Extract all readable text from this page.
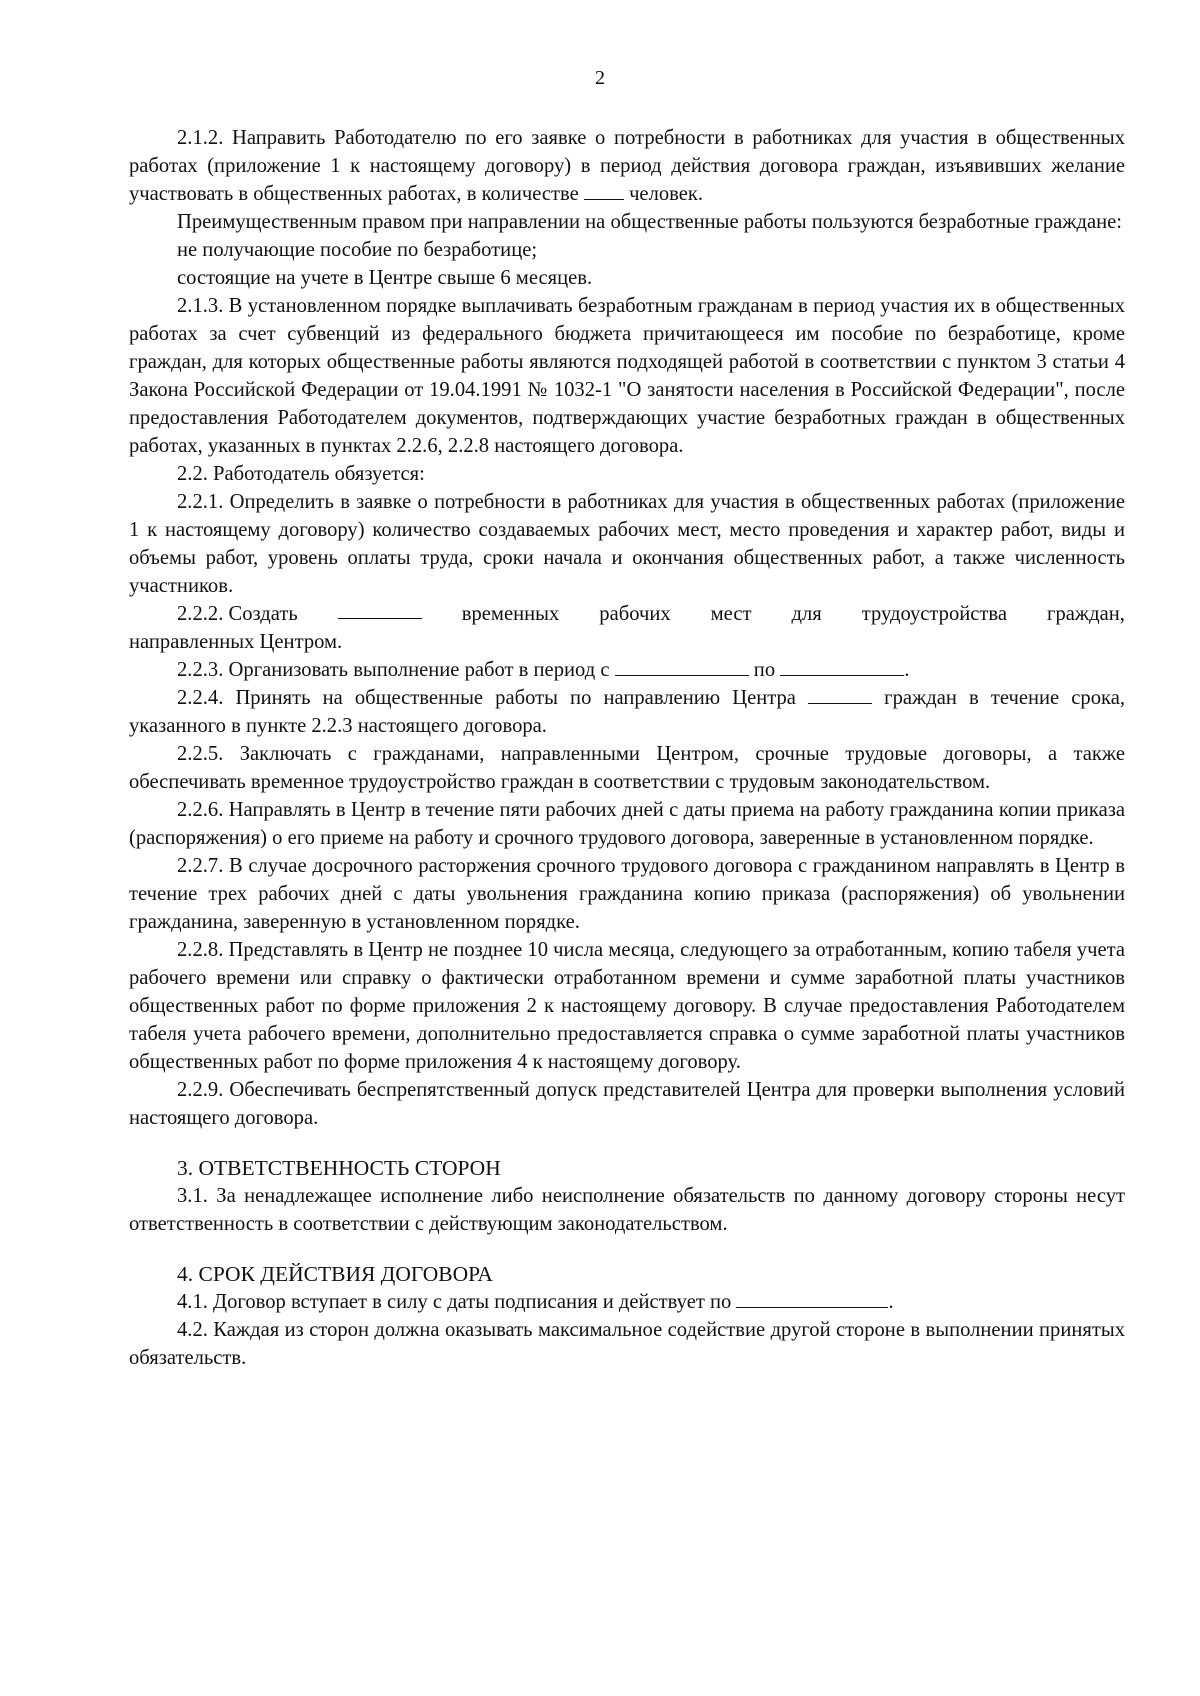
2

2.1.2. Направить Работодателю по его заявке о потребности в работниках для участия в общественных работах (приложение 1 к настоящему договору) в период действия договора граждан, изъявивших желание участвовать в общественных работах, в количестве человек.

Преимущественным правом при направлении на общественные работы пользуются безработные граждане:

не получающие пособие по безработице;

состоящие на учете в Центре свыше 6 месяцев.

2.1.3. В установленном порядке выплачивать безработным гражданам в период участия их в общественных работах за счет субвенций из федерального бюджета причитающееся им пособие по безработице, кроме граждан, для которых общественные работы являются подходящей работой в соответствии с пунктом 3 статьи 4 Закона Российской Федерации от 19.04.1991 № 1032-1 "О занятости населения в Российской Федерации", после предоставления Работодателем документов, подтверждающих участие безработных граждан в общественных работах, указанных в пунктах 2.2.6, 2.2.8 настоящего договора.

2.2. Работодатель обязуется:

2.2.1. Определить в заявке о потребности в работниках для участия в общественных работах (приложение 1 к настоящему договору) количество создаваемых рабочих мест, место проведения и характер работ, виды и объемы работ, уровень оплаты труда, сроки начала и окончания общественных работ, а также численность участников.

2.2.2. Создать	временных рабочих мест для трудоустройства граждан,

направленных Центром.

2.2.3. Организовать выполнение работ в период с	по	.

2.2.4. Принять на общественные работы по направлению Центра	граждан в течение срока, указанного в пункте 2.2.3 настоящего договора.

2.2.5. Заключать с гражданами, направленными Центром, срочные трудовые договоры, а также обеспечивать временное трудоустройство граждан в соответствии с трудовым законодательством.

2.2.6. Направлять в Центр в течение пяти рабочих дней с даты приема на работу гражданина копии приказа (распоряжения) о его приеме на работу и срочного трудового договора, заверенные в установленном порядке.

2.2.7. В случае досрочного расторжения срочного трудового договора с гражданином направлять в Центр в течение трех рабочих дней с даты увольнения гражданина копию приказа (распоряжения) об увольнении гражданина, заверенную в установленном порядке.

2.2.8. Представлять в Центр не позднее 10 числа месяца, следующего за отработанным, копию табеля учета рабочего времени или справку о фактически отработанном времени и сумме заработной платы участников общественных работ по форме приложения 2 к настоящему договору. В случае предоставления Работодателем табеля учета рабочего времени, дополнительно предоставляется справка о сумме заработной платы участников общественных работ по форме приложения 4 к настоящему договору.

2.2.9. Обеспечивать беспрепятственный допуск представителей Центра для проверки выполнения условий настоящего договора.

3. ОТВЕТСТВЕННОСТЬ СТОРОН

3.1. За ненадлежащее исполнение либо неисполнение обязательств по данному договору стороны несут ответственность в соответствии с действующим законодательством.

4. СРОК ДЕЙСТВИЯ ДОГОВОРА

4.1. Договор вступает в силу с даты подписания и действует по	.

4.2. Каждая из сторон должна оказывать максимальное содействие другой стороне в выполнении принятых обязательств.
